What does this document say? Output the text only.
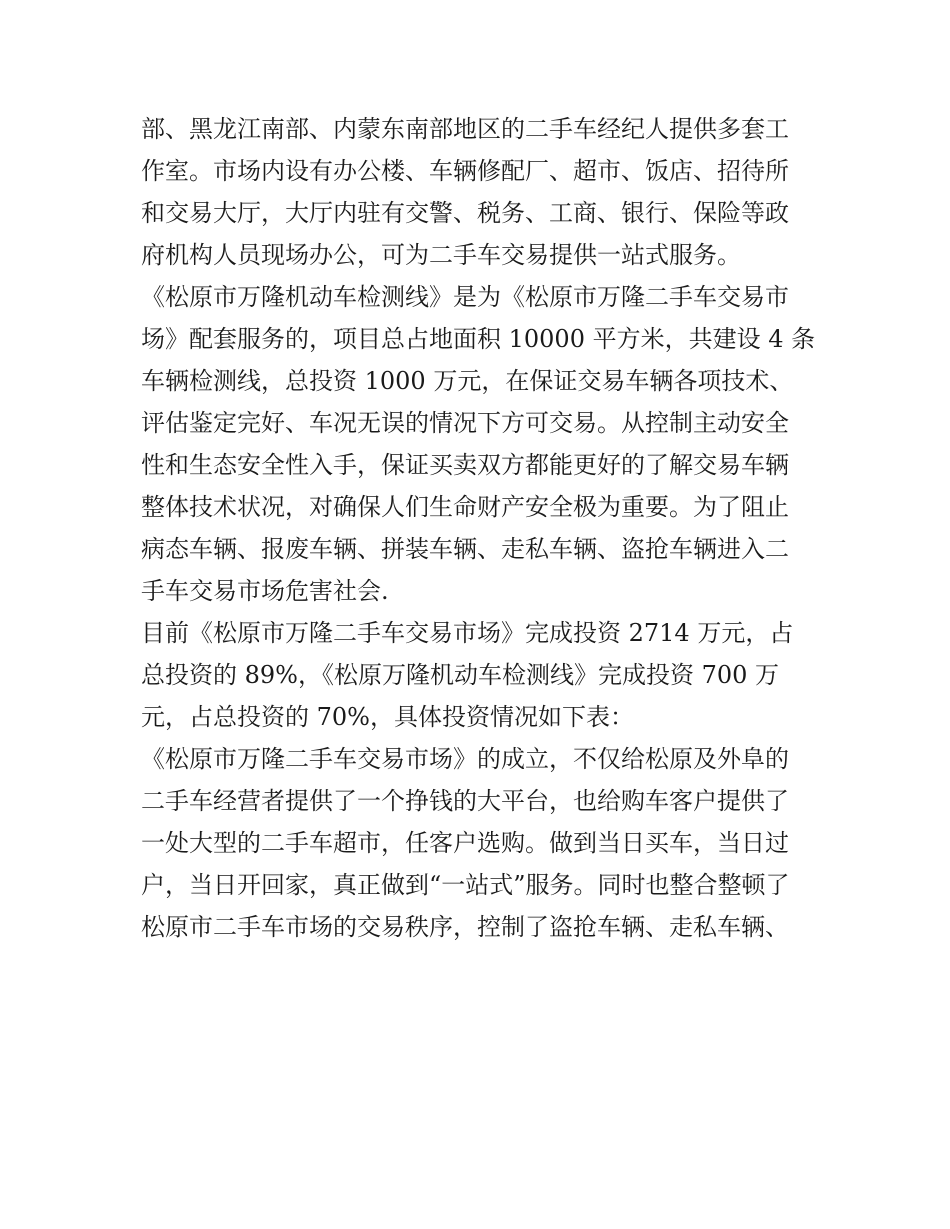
部、黑龙江南部、内蒙东南部地区的二手车经纪人提供多套工
作室。市场内设有办公楼、车辆修配厂、超市、饭店、招待所
和交易大厅，大厅内驻有交警、税务、工商、银行、保险等政
府机构人员现场办公，可为二手车交易提供一站式服务。
《松原市万隆机动车检测线》是为《松原市万隆二手车交易市
场》配套服务的，项目总占地面积 10000 平方米，共建设 4 条
车辆检测线，总投资 1000 万元，在保证交易车辆各项技术、
评估鉴定完好、车况无误的情况下方可交易。从控制主动安全
性和生态安全性入手，保证买卖双方都能更好的了解交易车辆
整体技术状况，对确保人们生命财产安全极为重要。为了阻止
病态车辆、报废车辆、拼装车辆、走私车辆、盗抢车辆进入二
手车交易市场危害社会.
目前《松原市万隆二手车交易市场》完成投资 2714 万元，占
总投资的 89%，《松原万隆机动车检测线》完成投资 700 万
元，占总投资的 70%，具体投资情况如下表：
《松原市万隆二手车交易市场》的成立，不仅给松原及外阜的
二手车经营者提供了一个挣钱的大平台，也给购车客户提供了
一处大型的二手车超市，任客户选购。做到当日买车，当日过
户，当日开回家，真正做到“一站式”服务。同时也整合整顿了
松原市二手车市场的交易秩序，控制了盗抢车辆、走私车辆、
